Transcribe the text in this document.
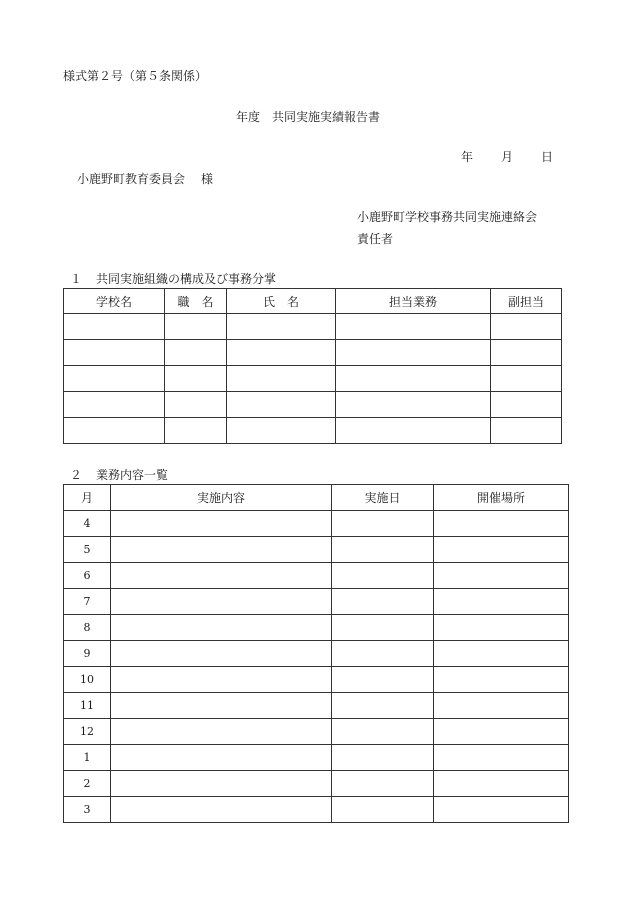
様式第２号（第５条関係）
年度 共同実施実績報告書
年 月 日
小鹿野町教育委員会 様
小鹿野町学校事務共同実施連絡会
責任者
１ 共同実施組織の構成及び事務分掌
学校名	職　名	氏　名	担当業務	副担当

２ 業務内容一覧
月	実施内容	実施日	開催場所
4			
5			
6			
7			
8			
9			
10			
11			
12			
1			
2			
3			
